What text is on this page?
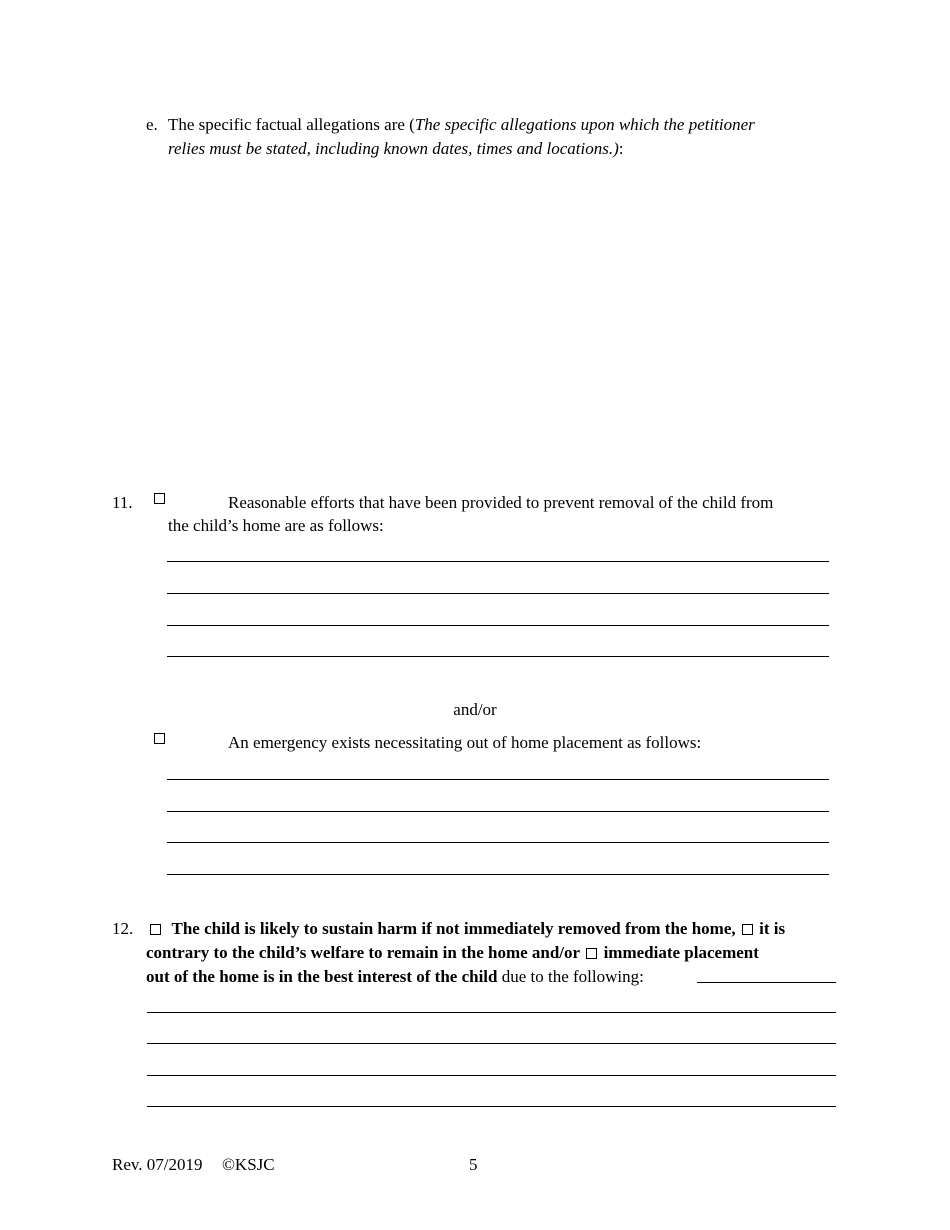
e. The specific factual allegations are (The specific allegations upon which the petitioner
relies must be stated, including known dates, times and locations.):
11.	Reasonable efforts that have been provided to prevent removal of the child from
the child’s home are as follows:
and/or
An emergency exists necessitating out of home placement as follows:
12.	The child is likely to sustain harm if not immediately removed from the home, it is
contrary to the child’s welfare to remain in the home and/or immediate placement
out of the home is in the best interest of the child due to the following:
Rev. 07/2019 ©KSJC	5
